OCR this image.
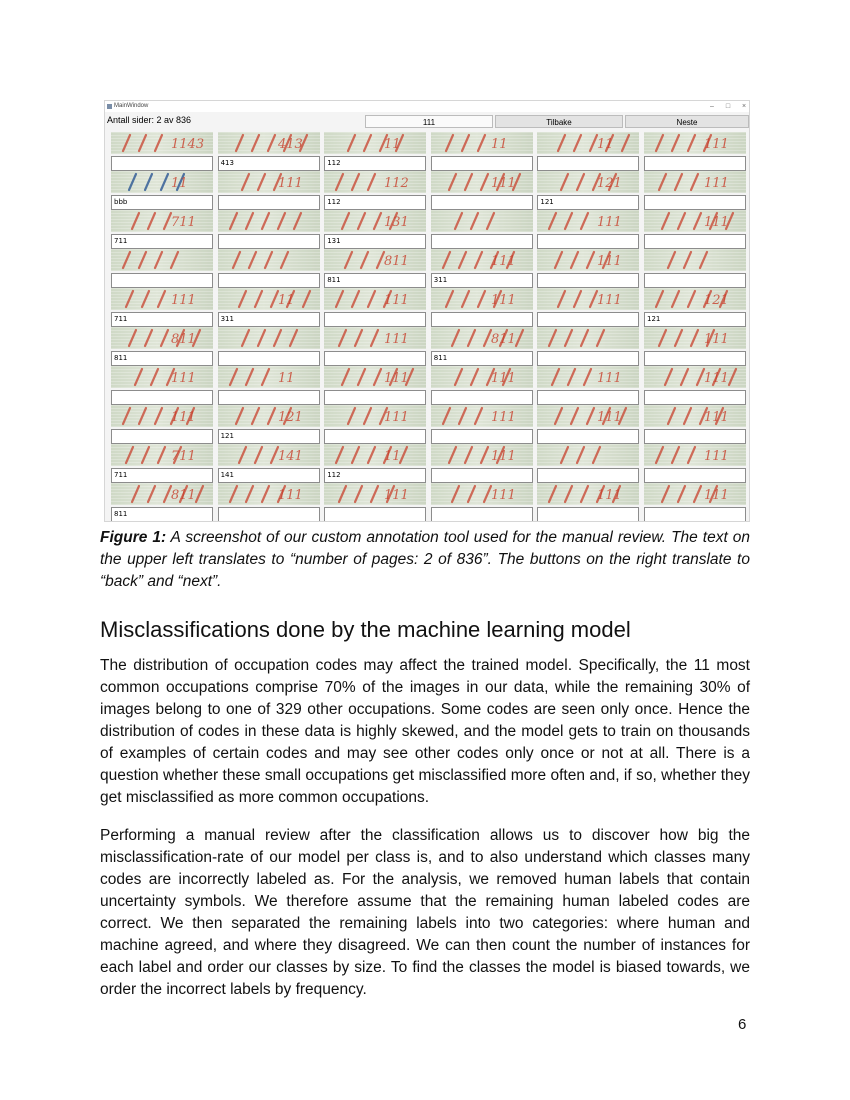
MainWindow	–	□	×
Antall sider: 2 av 836	111	Tilbake	Neste
1143	413
413
11
112
11	11	111
11
bbb
111	112
112
111	121
121
111
711
711
131
131
111	111
811
811
111
311
111
111
711
11
311
111	111	111	121
121
811
811
111	811
811
111
111	11	111	111	111	111
111	121
121
111	111	111	111
711
711
141
141
11
112
111	111
811
811
111	111	111	111	111

Figure 1: A screenshot of our custom annotation tool used for the manual review. The text on the upper left translates to “number of pages: 2 of 836”. The buttons on the right translate to “back” and “next”.

Misclassifications done by the machine learning model

The distribution of occupation codes may affect the trained model. Specifically, the 11 most common occupations comprise 70% of the images in our data, while the remaining 30% of images belong to one of 329 other occupations. Some codes are seen only once. Hence the distribution of codes in these data is highly skewed, and the model gets to train on thousands of examples of certain codes and may see other codes only once or not at all. There is a question whether these small occupations get misclassified more often and, if so, whether they get misclassified as more common occupations.

Performing a manual review after the classification allows us to discover how big the misclassification-rate of our model per class is, and to also understand which classes many codes are incorrectly labeled as. For the analysis, we removed human labels that contain uncertainty symbols. We therefore assume that the remaining human labeled codes are correct. We then separated the remaining labels into two categories: where human and machine agreed, and where they disagreed. We can then count the number of instances for each label and order our classes by size. To find the classes the model is biased towards, we order the incorrect labels by frequency.

6
